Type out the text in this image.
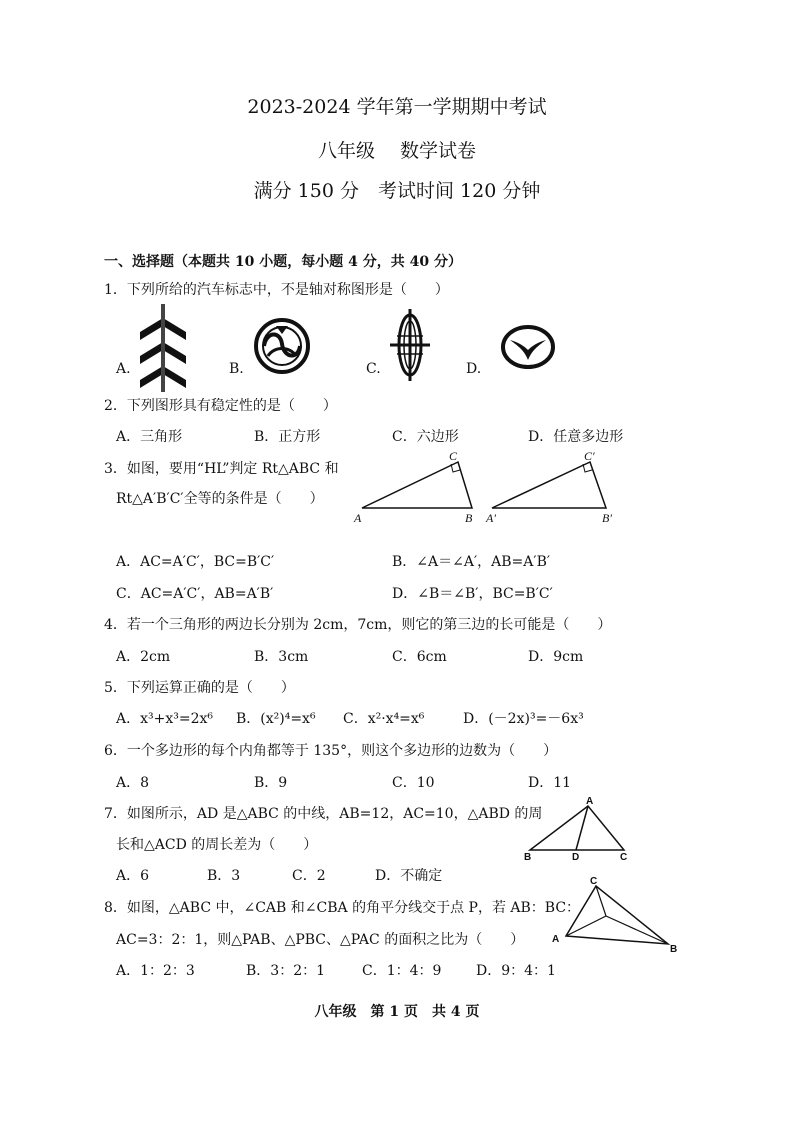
2023-2024 学年第一学期期中考试
八年级　 数学试卷
满分 150 分　考试时间 120 分钟
一、选择题（本题共 10 小题，每小题 4 分，共 40 分）
1．下列所给的汽车标志中，不是轴对称图形是（　　）
A.	B.	C.	D.
2．下列图形具有稳定性的是（　　）
A．三角形	B．正方形	C．六边形	D．任意多边形
3．如图，要用“HL”判定 Rt△ABC 和
Rt△A′B′C′全等的条件是（　　）
C
A	B
C′
A′	B′
A．AC=A′C′，BC=B′C′	B．∠A＝∠A′，AB=A′B′
C．AC=A′C′，AB=A′B′	D．∠B＝∠B′，BC=B′C′
4．若一个三角形的两边长分别为 2cm，7cm，则它的第三边的长可能是（　　）
A．2cm	B．3cm	C．6cm	D．9cm
5．下列运算正确的是（　　）
A．x³+x³=2x⁶ B．(x²)⁴=x⁶ C．x²·x⁴=x⁶	D．(－2x)³=－6x³
6．一个多边形的每个内角都等于 135°，则这个多边形的边数为（　　）
A．8	B．9	C．10	D．11
7．如图所示，AD 是△ABC 的中线，AB=12，AC=10，△ABD 的周
长和△ACD 的周长差为（　　）
A．6	B．3	C．2	D．不确定
A
B	D	C
8．如图，△ABC 中，∠CAB 和∠CBA 的角平分线交于点 P，若 AB：BC：
AC=3：2：1，则△PAB、△PBC、△PAC 的面积之比为（　　）
A．1：2：3	B．3：2：1	C．1：4：9 D．9：4：1
C
A
B
八年级　第 1 页　共 4 页
